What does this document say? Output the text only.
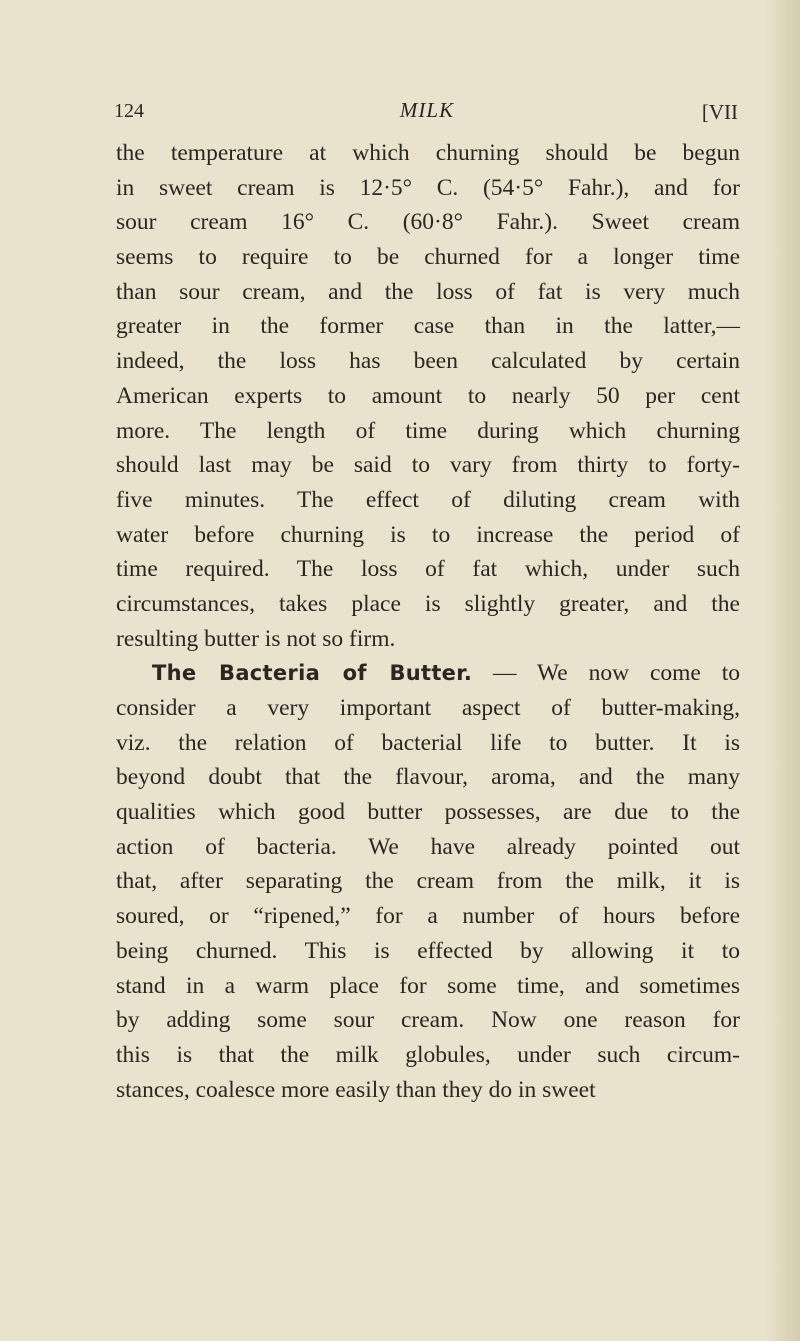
124	MILK	[VII
the temperature at which churning should be begun
in sweet cream is 12·5° C. (54·5° Fahr.), and for
sour cream 16° C. (60·8° Fahr.). Sweet cream
seems to require to be churned for a longer time
than sour cream, and the loss of fat is very much
greater in the former case than in the latter,—
indeed, the loss has been calculated by certain
American experts to amount to nearly 50 per cent
more. The length of time during which churning
should last may be said to vary from thirty to forty-
five minutes. The effect of diluting cream with
water before churning is to increase the period of
time required. The loss of fat which, under such
circumstances, takes place is slightly greater, and the
resulting butter is not so firm.
The Bacteria of Butter. — We now come to
consider a very important aspect of butter-making,
viz. the relation of bacterial life to butter. It is
beyond doubt that the flavour, aroma, and the many
qualities which good butter possesses, are due to the
action of bacteria. We have already pointed out
that, after separating the cream from the milk, it is
soured, or “ripened,” for a number of hours before
being churned. This is effected by allowing it to
stand in a warm place for some time, and sometimes
by adding some sour cream. Now one reason for
this is that the milk globules, under such circum-
stances, coalesce more easily than they do in sweet
